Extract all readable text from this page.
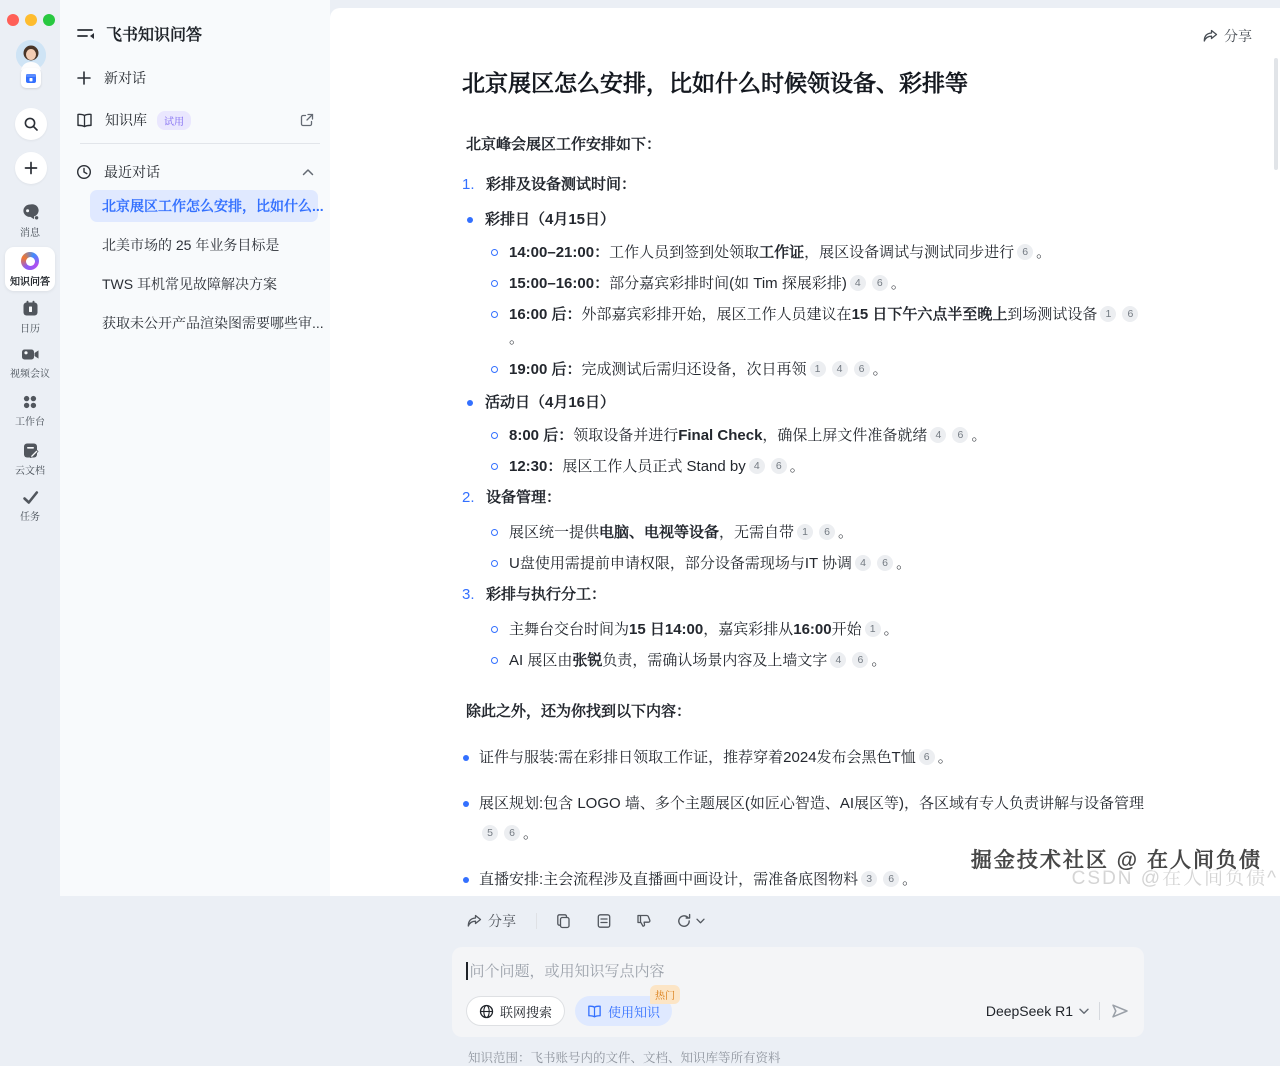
消息
知识问答
日历
视频会议
工作台
云文档
任务
飞书知识问答
新对话
知识库	试用
最近对话
北京展区工作怎么安排，比如什么...
北美市场的 25 年业务目标是
TWS 耳机常见故障解决方案
获取未公开产品渲染图需要哪些审...
分享
北京展区怎么安排，比如什么时候领设备、彩排等
北京峰会展区工作安排如下：
1. 彩排及设备测试时间：
彩排日（4月15日）
14:00–21:00：工作人员到签到处领取工作证，展区设备调试与测试同步进行 6 。
15:00–16:00：部分嘉宾彩排时间(如 Tim 探展彩排) 4 6 。
16:00 后：外部嘉宾彩排开始，展区工作人员建议在15 日下午六点半至晚上到场测试设备 1 6。
19:00 后：完成测试后需归还设备，次日再领 1 4 6 。
活动日（4月16日）
8:00 后：领取设备并进行Final Check，确保上屏文件准备就绪 4 6 。
12:30：展区工作人员正式 Stand by 4 6 。
2. 设备管理：
展区统一提供电脑、电视等设备，无需自带 1 6 。
U盘使用需提前申请权限，部分设备需现场与IT 协调 4 6 。
3. 彩排与执行分工：
主舞台交台时间为15 日14:00，嘉宾彩排从16:00开始 1 。
AI 展区由张锐负责，需确认场景内容及上墙文字 4 6 。
除此之外，还为你找到以下内容：
证件与服装:需在彩排日领取工作证，推荐穿着2024发布会黑色T恤 6 。
展区规划:包含 LOGO 墙、多个主题展区(如匠心智造、AI展区等)，各区域有专人负责讲解与设备管理 5 6 。
直播安排:主会流程涉及直播画中画设计，需准备底图物料 3 6 。
分享
问个问题，或用知识写点内容
联网搜索	使用知识
热门
DeepSeek R1
知识范围：飞书账号内的文件、文档、知识库等所有资料
CSDN @在人间负债^
掘金技术社区 @ 在人间负债
